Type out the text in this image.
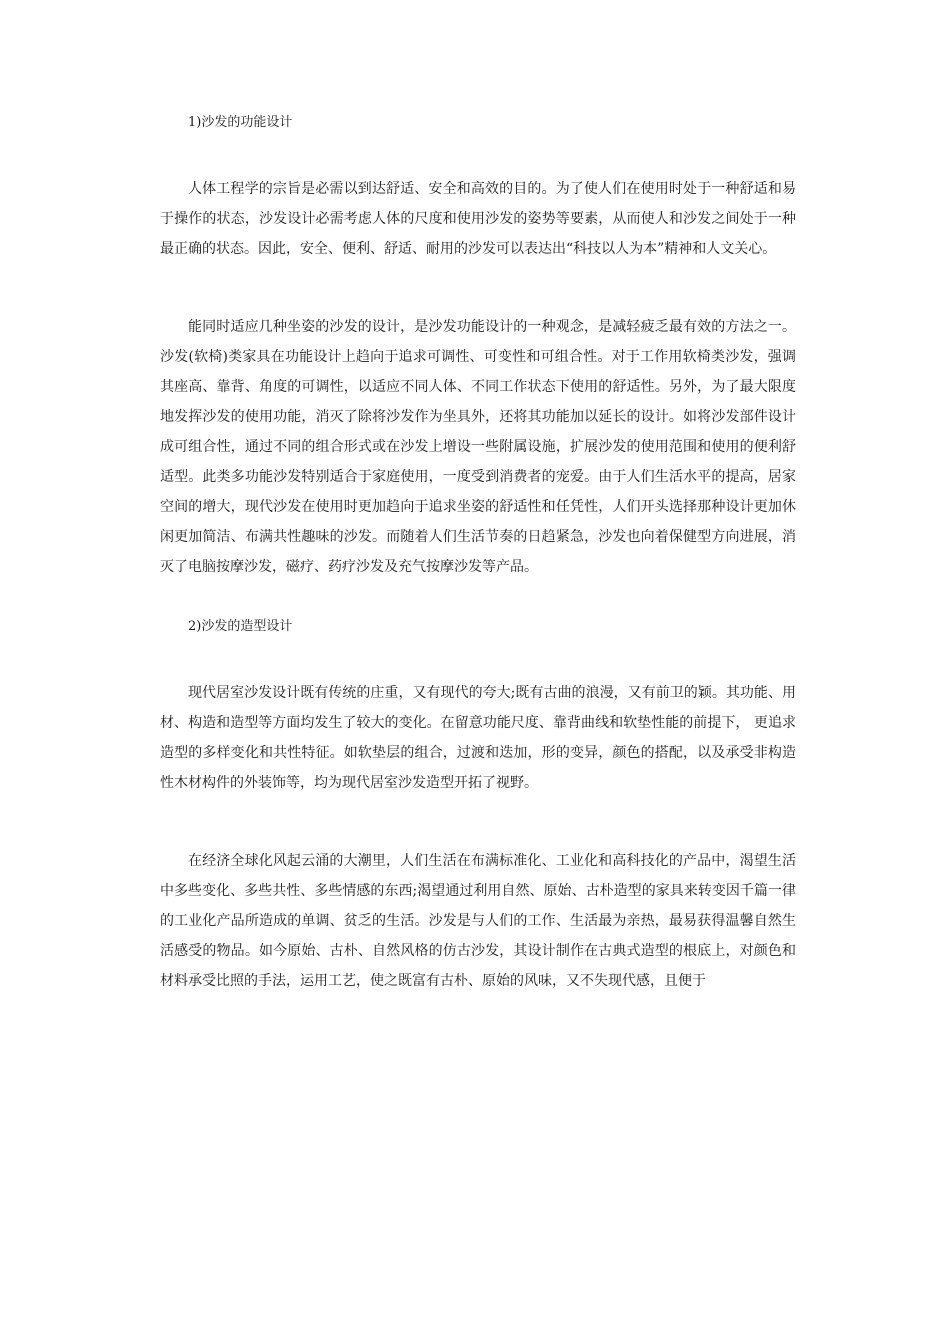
1)沙发的功能设计

人体工程学的宗旨是必需以到达舒适、安全和高效的目的。为了使人们在使用时处于一种舒适和易于操作的状态，沙发设计必需考虑人体的尺度和使用沙发的姿势等要素，从而使人和沙发之间处于一种最正确的状态。因此，安全、便利、舒适、耐用的沙发可以表达出“科技以人为本”精神和人文关心。

能同时适应几种坐姿的沙发的设计，是沙发功能设计的一种观念，是减轻疲乏最有效的方法之一。沙发(软椅)类家具在功能设计上趋向于追求可调性、可变性和可组合性。对于工作用软椅类沙发，强调其座高、靠背、角度的可调性，以适应不同人体、不同工作状态下使用的舒适性。另外，为了最大限度地发挥沙发的使用功能，消灭了除将沙发作为坐具外，还将其功能加以延长的设计。如将沙发部件设计成可组合性，通过不同的组合形式或在沙发上增设一些附属设施，扩展沙发的使用范围和使用的便利舒适型。此类多功能沙发特别适合于家庭使用，一度受到消费者的宠爱。由于人们生活水平的提高，居家空间的增大，现代沙发在使用时更加趋向于追求坐姿的舒适性和任凭性，人们开头选择那种设计更加休闲更加简洁、布满共性趣味的沙发。而随着人们生活节奏的日趋紧急，沙发也向着保健型方向进展，消灭了电脑按摩沙发，磁疗、药疗沙发及充气按摩沙发等产品。

2)沙发的造型设计

现代居室沙发设计既有传统的庄重，又有现代的夸大;既有古曲的浪漫，又有前卫的颖。其功能、用材、构造和造型等方面均发生了较大的变化。在留意功能尺度、靠背曲线和软垫性能的前提下， 更追求造型的多样变化和共性特征。如软垫层的组合，过渡和迭加，形的变异，颜色的搭配，以及承受非构造性木材构件的外装饰等，均为现代居室沙发造型开拓了视野。

在经济全球化风起云涌的大潮里，人们生活在布满标准化、工业化和高科技化的产品中，渴望生活中多些变化、多些共性、多些情感的东西;渴望通过利用自然、原始、古朴造型的家具来转变因千篇一律的工业化产品所造成的单调、贫乏的生活。沙发是与人们的工作、生活最为亲热，最易获得温馨自然生活感受的物品。如今原始、古朴、自然风格的仿古沙发，其设计制作在古典式造型的根底上，对颜色和材料承受比照的手法，运用工艺，使之既富有古朴、原始的风味，又不失现代感，且便于
